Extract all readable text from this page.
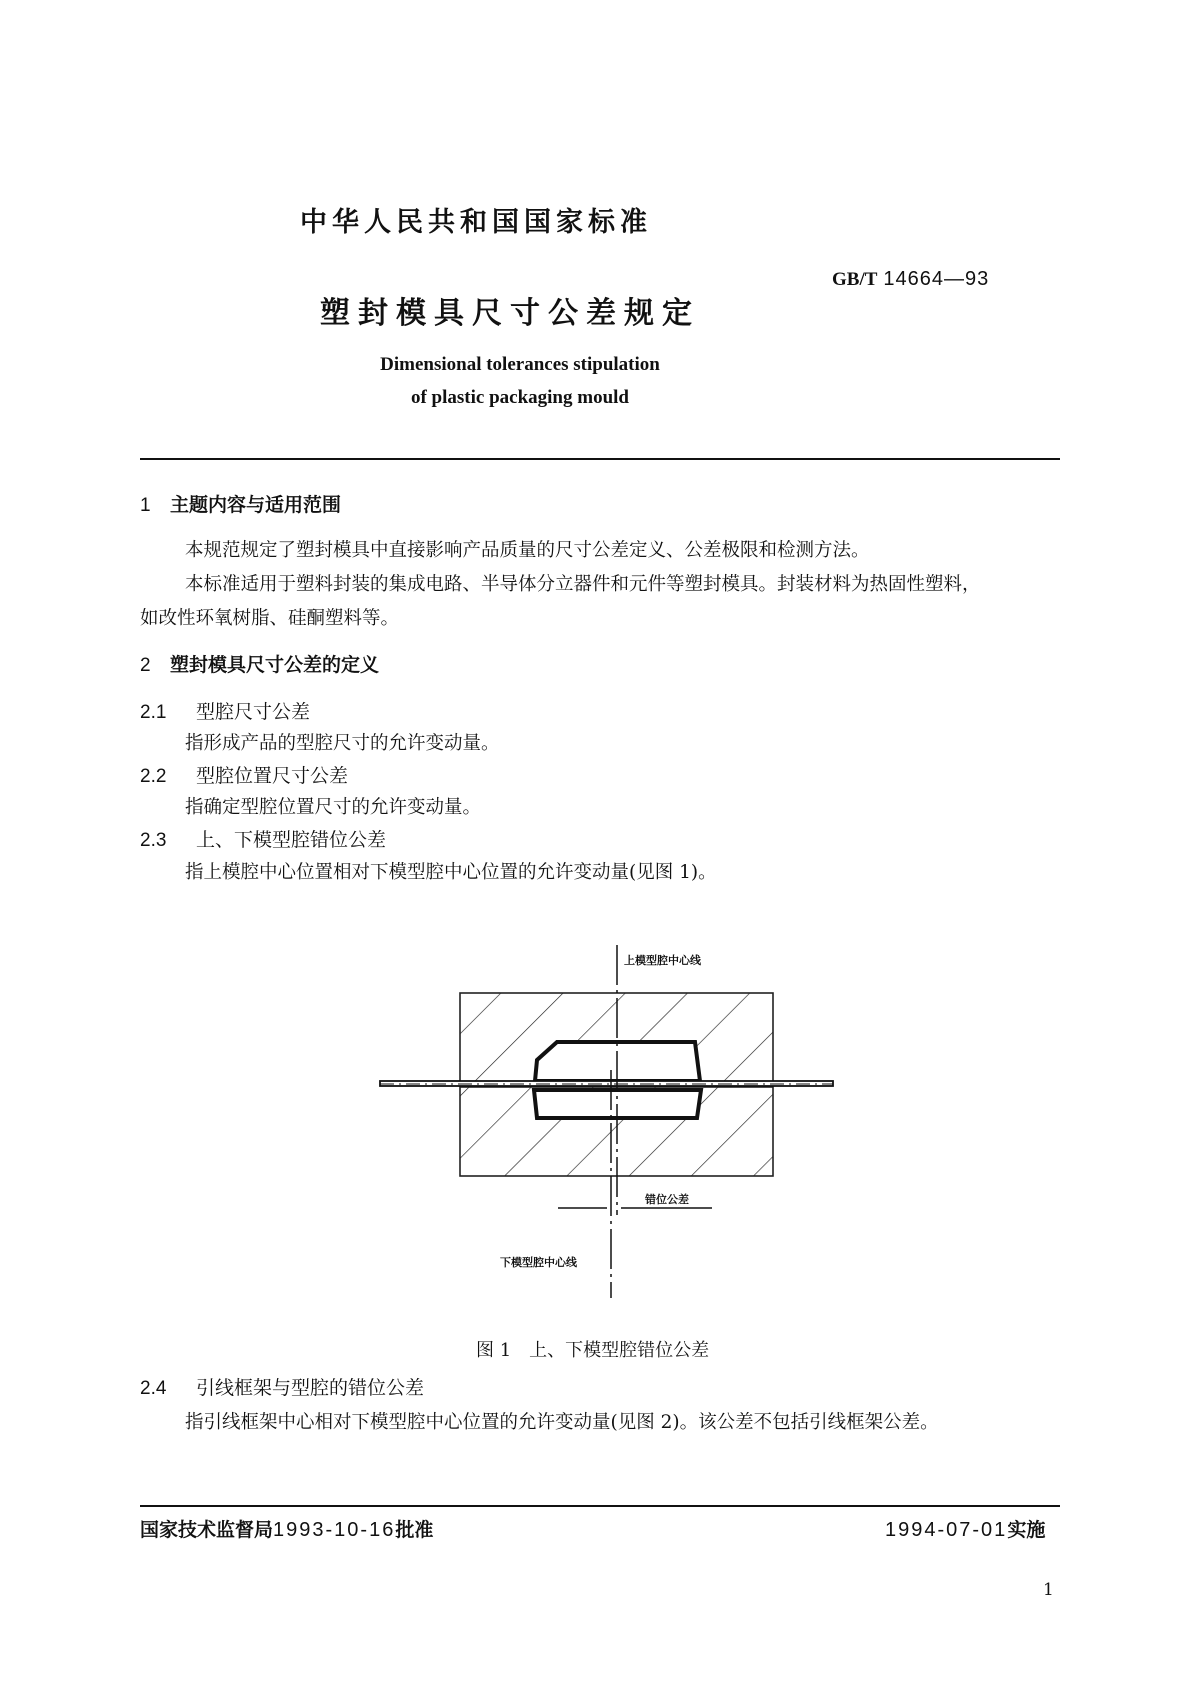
中华人民共和国国家标准
塑封模具尺寸公差规定
GB/T 14664—93
Dimensional tolerances stipulation
of plastic packaging mould
1 主题内容与适用范围
本规范规定了塑封模具中直接影响产品质量的尺寸公差定义、公差极限和检测方法。
本标准适用于塑料封装的集成电路、半导体分立器件和元件等塑封模具。封装材料为热固性塑料，
如改性环氧树脂、硅酮塑料等。
2 塑封模具尺寸公差的定义
2.1 型腔尺寸公差
指形成产品的型腔尺寸的允许变动量。
2.2 型腔位置尺寸公差
指确定型腔位置尺寸的允许变动量。
2.3 上、下模型腔错位公差
指上模腔中心位置相对下模型腔中心位置的允许变动量(见图 1)。
上模型腔中心线
错位公差
下模型腔中心线
图 1　上、下模型腔错位公差
2.4 引线框架与型腔的错位公差
指引线框架中心相对下模型腔中心位置的允许变动量(见图 2)。该公差不包括引线框架公差。
国家技术监督局1993-10-16批准	1994-07-01实施
1
